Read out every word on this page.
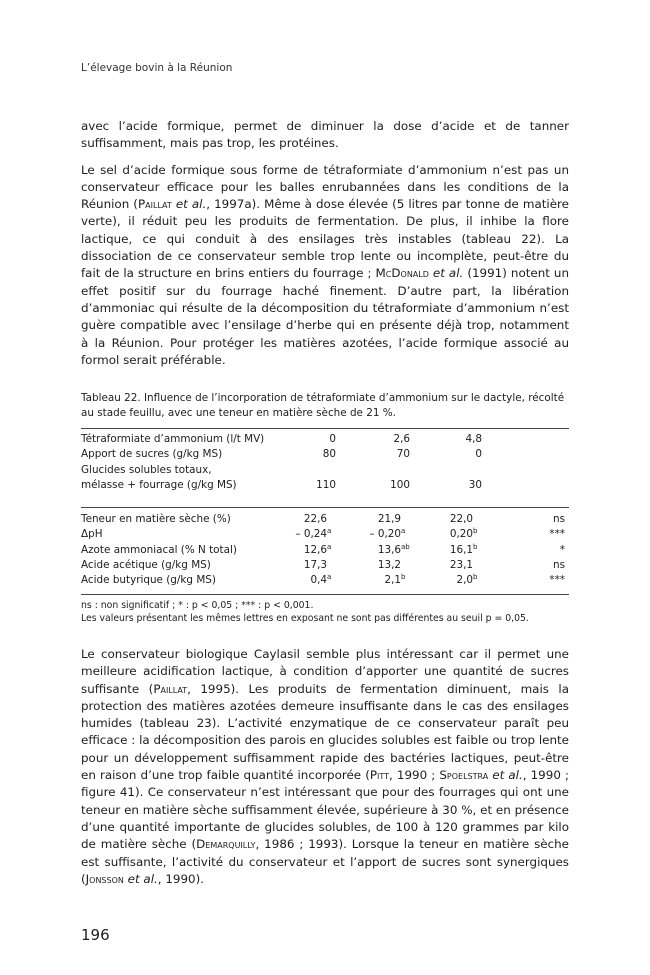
L’élevage bovin à la Réunion

avec l’acide formique, permet de diminuer la dose d’acide et de tanner suffisamment, mais pas trop, les protéines.

Le sel d’acide formique sous forme de tétraformiate d’ammonium n’est pas un conservateur efficace pour les balles enrubannées dans les conditions de la Réunion (Paillat et al., 1997a). Même à dose élevée (5 litres par tonne de matière verte), il réduit peu les produits de fermentation. De plus, il inhibe la flore lactique, ce qui conduit à des ensilages très instables (tableau 22). La dissociation de ce conservateur semble trop lente ou incomplète, peut-être du fait de la structure en brins entiers du fourrage ; McDonald et al. (1991) notent un effet positif sur du fourrage haché finement. D’autre part, la libération d’ammoniac qui résulte de la décomposition du tétraformiate d’ammonium n’est guère compatible avec l’ensilage d’herbe qui en présente déjà trop, notamment à la Réunion. Pour protéger les matières azotées, l’acide formique associé au formol serait préférable.

Tableau 22. Influence de l’incorporation de tétraformiate d’ammonium sur le dactyle, récolté au stade feuillu, avec une teneur en matière sèche de 21 %.
Tétraformiate d’ammonium (l/t MV)	0	2,6	4,8	
Apport de sucres (g/kg MS)	80	70	0	
Glucides solubles totaux,				
mélasse + fourrage (g/kg MS)	110	100	30	
Teneur en matière sèche (%)	22,6	21,9	22,0	ns
ΔpH	– 0,24$^a$	– 0,20$^a$	0,20$^b$	***
Azote ammoniacal (% N total)	12,6$^a$	13,6$^{ab}$	16,1$^b$	*
Acide acétique (g/kg MS)	17,3	13,2	23,1	ns
Acide butyrique (g/kg MS)	0,4$^a$	2,1$^b$	2,0$^b$	***
ns : non significatif ; * : p < 0,05 ; *** : p < 0,001.
Les valeurs présentant les mêmes lettres en exposant ne sont pas différentes au seuil p = 0,05.

Le conservateur biologique Caylasil semble plus intéressant car il permet une meilleure acidification lactique, à condition d’apporter une quantité de sucres suffisante (Paillat, 1995). Les produits de fermentation diminuent, mais la protection des matières azotées demeure insuffisante dans le cas des ensilages humides (tableau 23). L’activité enzymatique de ce conservateur paraît peu efficace : la décomposition des parois en glucides solubles est faible ou trop lente pour un développement suffisamment rapide des bactéries lactiques, peut-être en raison d’une trop faible quantité incorporée (Pitt, 1990 ; Spoelstra et al., 1990 ; figure 41). Ce conservateur n’est intéressant que pour des fourrages qui ont une teneur en matière sèche suffisamment élevée, supérieure à 30 %, et en présence d’une quantité importante de glucides solubles, de 100 à 120 grammes par kilo de matière sèche (Demarquilly, 1986 ; 1993). Lorsque la teneur en matière sèche est suffisante, l’activité du conservateur et l’apport de sucres sont synergiques (Jonsson et al., 1990).

196
